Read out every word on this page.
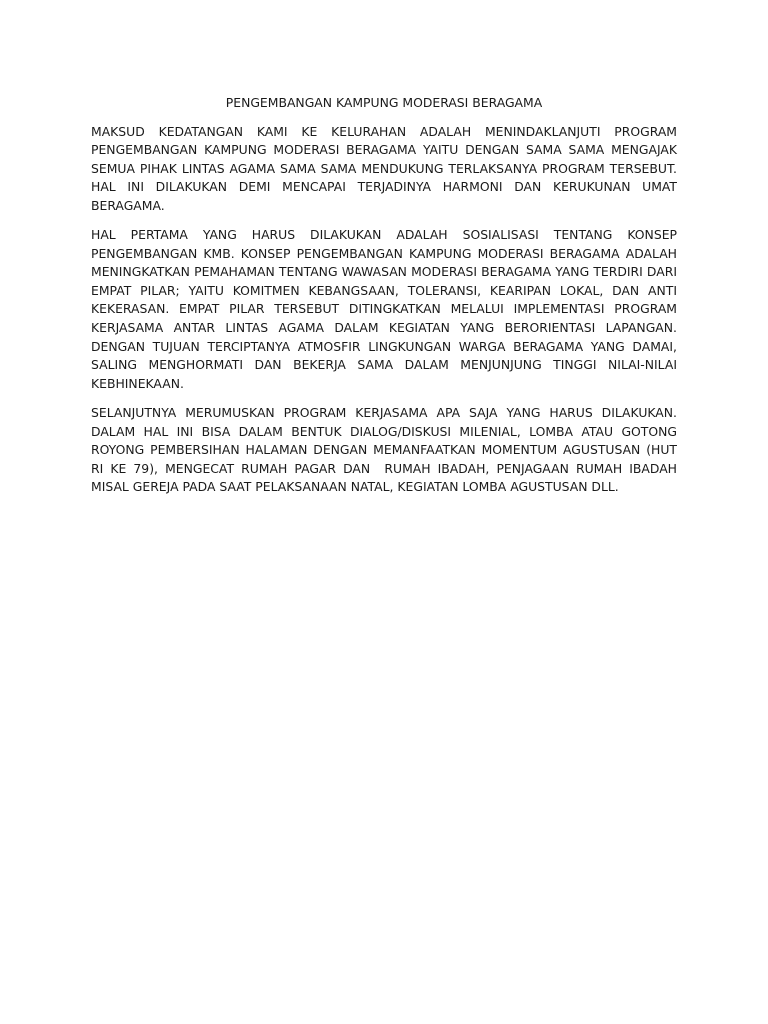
PENGEMBANGAN KAMPUNG MODERASI BERAGAMA

MAKSUD KEDATANGAN KAMI KE KELURAHAN ADALAH MENINDAKLANJUTI PROGRAM PENGEMBANGAN KAMPUNG MODERASI BERAGAMA YAITU DENGAN SAMA SAMA MENGAJAK SEMUA PIHAK LINTAS AGAMA SAMA SAMA MENDUKUNG TERLAKSANYA PROGRAM TERSEBUT. HAL INI DILAKUKAN DEMI MENCAPAI TERJADINYA HARMONI DAN KERUKUNAN UMAT BERAGAMA.

HAL PERTAMA YANG HARUS DILAKUKAN ADALAH SOSIALISASI TENTANG KONSEP PENGEMBANGAN KMB. KONSEP PENGEMBANGAN KAMPUNG MODERASI BERAGAMA ADALAH MENINGKATKAN PEMAHAMAN TENTANG WAWASAN MODERASI BERAGAMA YANG TERDIRI DARI EMPAT PILAR; YAITU KOMITMEN KEBANGSAAN, TOLERANSI, KEARIPAN LOKAL, DAN ANTI KEKERASAN. EMPAT PILAR TERSEBUT DITINGKATKAN MELALUI IMPLEMENTASI PROGRAM KERJASAMA ANTAR LINTAS AGAMA DALAM KEGIATAN YANG BERORIENTASI LAPANGAN. DENGAN TUJUAN TERCIPTANYA ATMOSFIR LINGKUNGAN WARGA BERAGAMA YANG DAMAI, SALING MENGHORMATI DAN BEKERJA SAMA DALAM MENJUNJUNG TINGGI NILAI-NILAI KEBHINEKAAN.

SELANJUTNYA MERUMUSKAN PROGRAM KERJASAMA APA SAJA YANG HARUS DILAKUKAN. DALAM HAL INI BISA DALAM BENTUK DIALOG/DISKUSI MILENIAL, LOMBA ATAU GOTONG ROYONG PEMBERSIHAN HALAMAN DENGAN MEMANFAATKAN MOMENTUM AGUSTUSAN (HUT RI KE 79), MENGECAT RUMAH PAGAR DAN  RUMAH IBADAH, PENJAGAAN RUMAH IBADAH MISAL GEREJA PADA SAAT PELAKSANAAN NATAL, KEGIATAN LOMBA AGUSTUSAN DLL.
